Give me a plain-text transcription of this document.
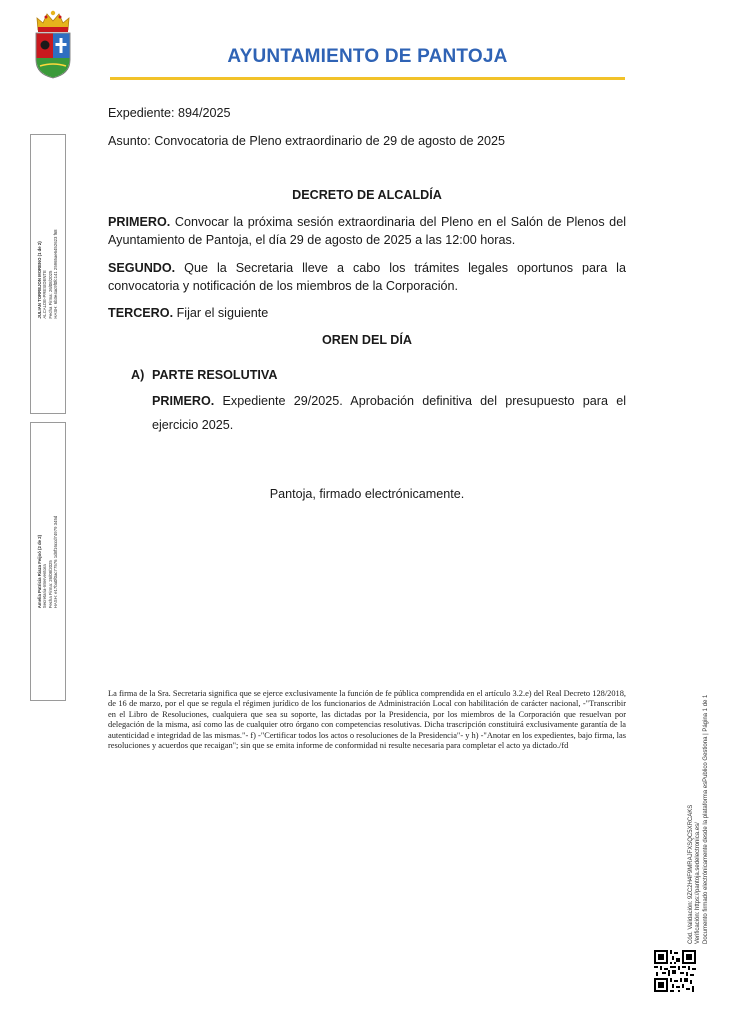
AYUNTAMIENTO DE PANTOJA
Expediente: 894/2025
Asunto: Convocatoria de Pleno extraordinario de 29 de agosto de 2025
DECRETO DE ALCALDÍA
PRIMERO. Convocar la próxima sesión extraordinaria del Pleno en el Salón de Plenos del Ayuntamiento de Pantoja, el día 29 de agosto de 2025 a las 12:00 horas.
SEGUNDO. Que la Secretaria lleve a cabo los trámites legales oportunos para la convocatoria y notificación de los miembros de la Corporación.
TERCERO. Fijar el siguiente
OREN DEL DÍA
A) PARTE RESOLUTIVA
PRIMERO. Expediente 29/2025. Aprobación definitiva del presupuesto para el ejercicio 2025.
Pantoja, firmado electrónicamente.
La firma de la Sra. Secretaria significa que se ejerce exclusivamente la función de fe pública comprendida en el artículo 3.2.e) del Real Decreto 128/2018, de 16 de marzo, por el que se regula el régimen jurídico de los funcionarios de Administración Local con habilitación de carácter nacional, -"Transcribir en el Libro de Resoluciones, cualquiera que sea su soporte, las dictadas por la Presidencia, por los miembros de la Corporación que resuelvan por delegación de la misma, así como las de cualquier otro órgano con competencias resolutivas. Dicha trascripción constituirá exclusivamente garantía de la autenticidad e integridad de las mismas."- f) -"Certificar todos los actos o resoluciones de la Presidencia"- y h) -"Anotar en los expedientes, bajo firma, las resoluciones y acuerdos que recaigan"; sin que se emita informe de conformidad ni resulte necesaria para completar el acto ya dictado./fd
JULIAN TORREJON MORENO (1 de 2) ALCALDE-PRESIDENTE Fecha Firma: 26/08/2025 HASH: 6b3e4ac9f0fc141 25965ae6452623 f68
Amelia Patricia Riaza Feijoó (2 de 2) Secretaria-Interventora Fecha Firma: 26/08/2025 HASH: e17ba0f0ac77576 1d8f16ccd74979 345d
Cód. Validación: 9ZC2H4F9MRAJFXSQC5XRCAKS Verificación: https://pantoja.sedelectronica.es/ Documento firmado electrónicamente desde la plataforma esPublico Gestiona | Página 1 de 1
